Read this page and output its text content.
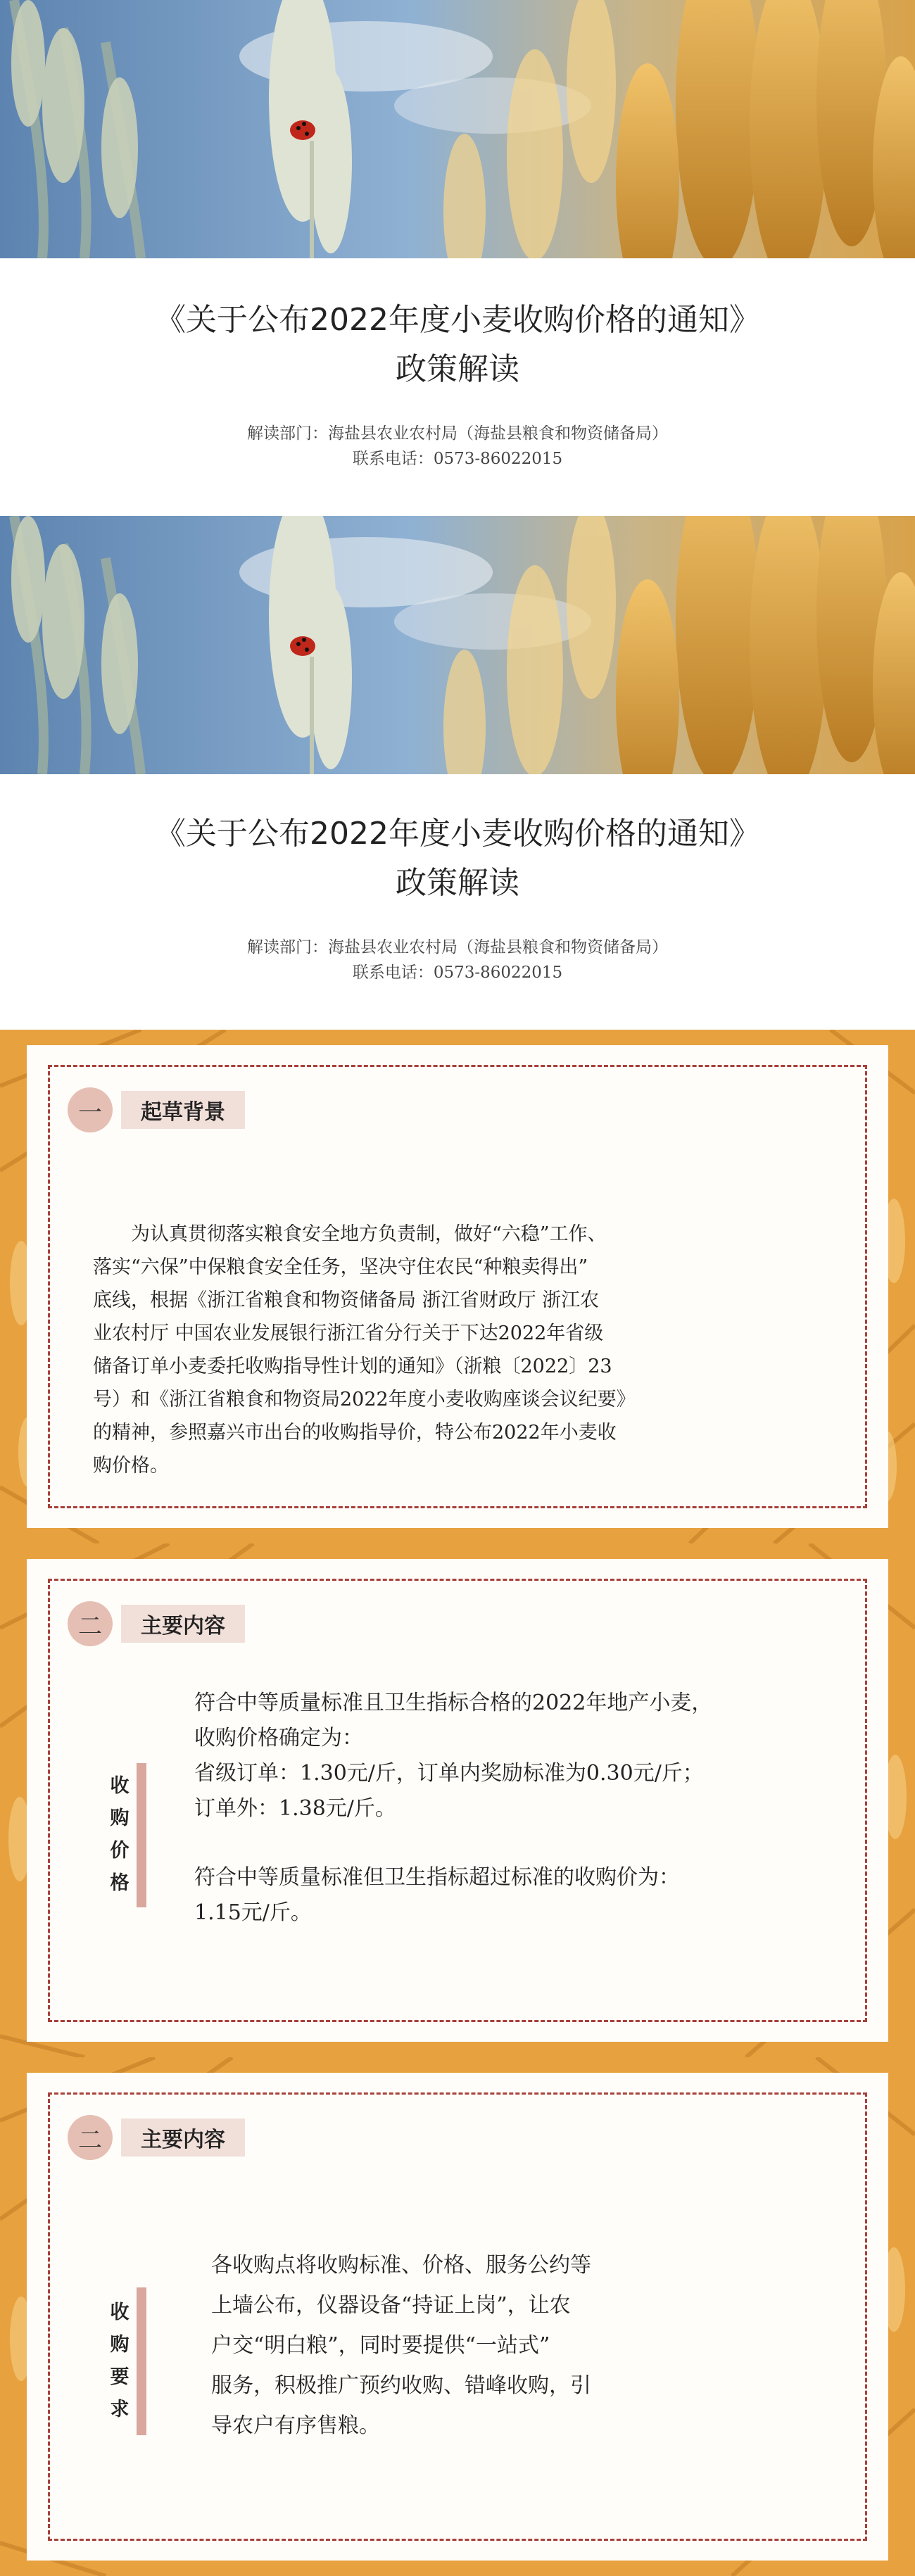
《关于公布2022年度小麦收购价格的通知》

政策解读

解读部门：海盐县农业农村局（海盐县粮食和物资储备局）
联系电话：0573-86022015

《关于公布2022年度小麦收购价格的通知》

政策解读

解读部门：海盐县农业农村局（海盐县粮食和物资储备局）
联系电话：0573-86022015
一	起草背景
为认真贯彻落实粮食安全地方负责制，做好“六稳”工作、
落实“六保”中保粮食安全任务，坚决守住农民“种粮卖得出”
底线，根据《浙江省粮食和物资储备局 浙江省财政厅 浙江农
业农村厅 中国农业发展银行浙江省分行关于下达2022年省级
储备订单小麦委托收购指导性计划的通知》（浙粮〔2022〕23
号）和《浙江省粮食和物资局2022年度小麦收购座谈会议纪要》
的精神，参照嘉兴市出台的收购指导价，特公布2022年小麦收
购价格。
二	主要内容
收
购
价
格

符合中等质量标准且卫生指标合格的2022年地产小麦，

收购价格确定为：

省级订单：1.30元/斤，订单内奖励标准为0.30元/斤；

订单外：1.38元/斤。

符合中等质量标准但卫生指标超过标准的收购价为：

1.15元/斤。

二	主要内容
收
购
要
求

各收购点将收购标准、价格、服务公约等

上墙公布，仪器设备“持证上岗”，让农

户交“明白粮”，同时要提供“一站式”

服务，积极推广预约收购、错峰收购，引

导农户有序售粮。
